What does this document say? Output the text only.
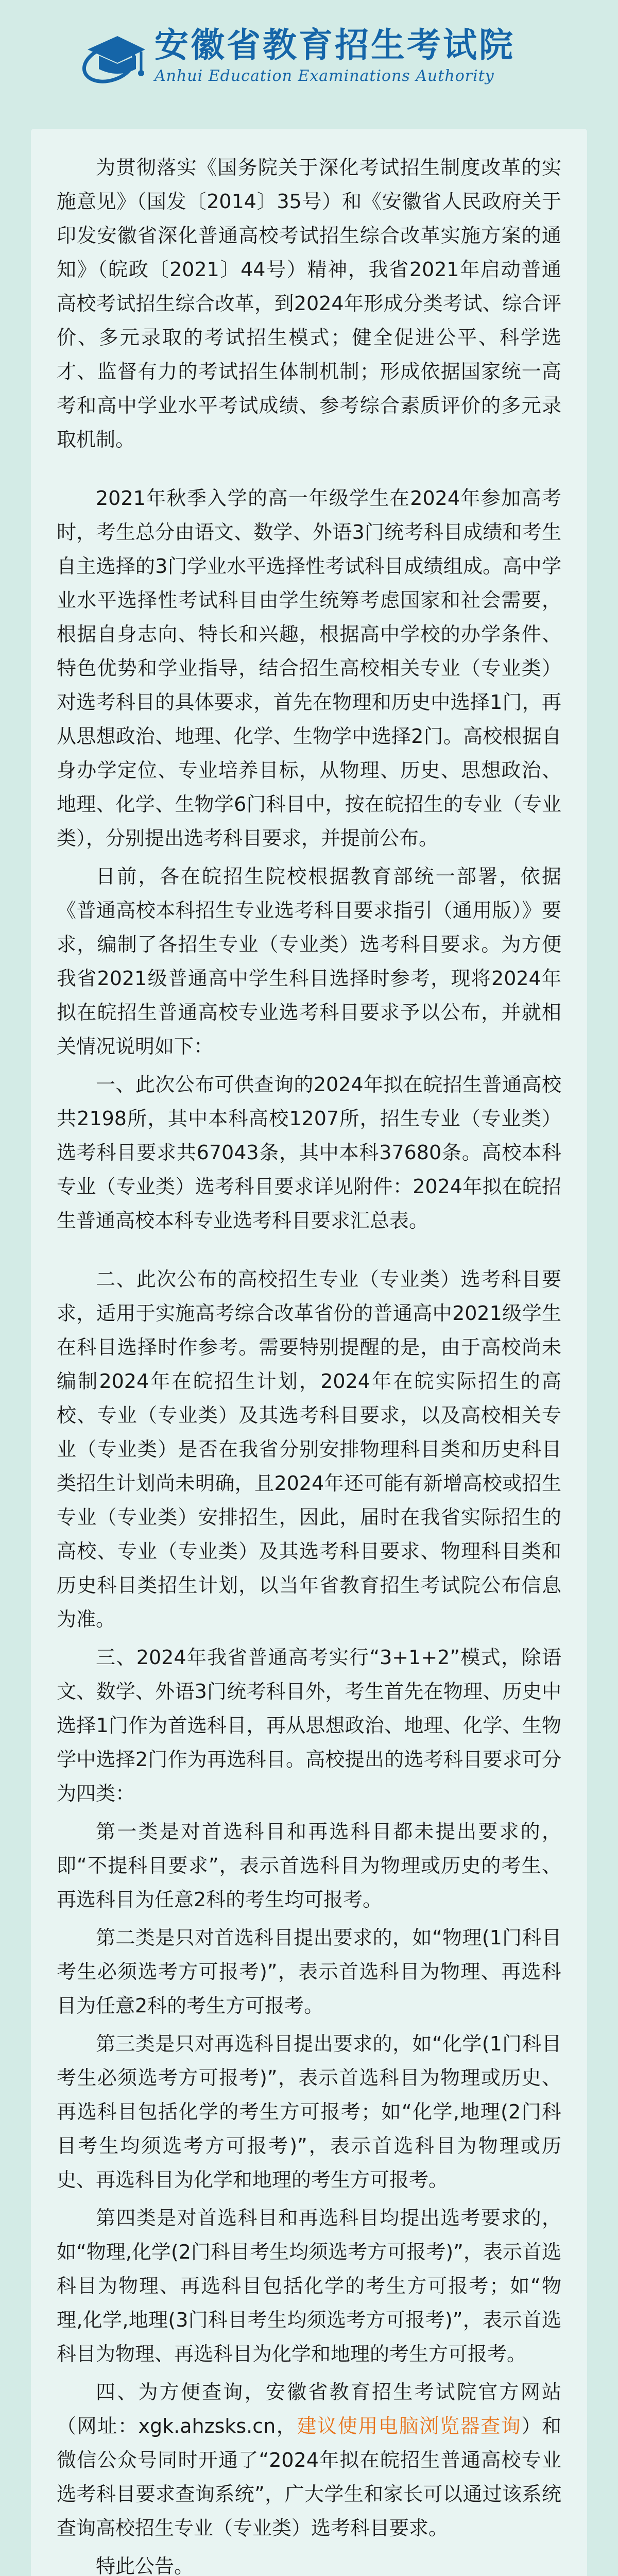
安徽省教育招生考试院
Anhui Education Examinations Authority

为贯彻落实《国务院关于深化考试招生制度改革的实施意见》（国发〔2014〕35号）和《安徽省人民政府关于印发安徽省深化普通高校考试招生综合改革实施方案的通知》（皖政〔2021〕44号）精神，我省2021年启动普通高校考试招生综合改革，到2024年形成分类考试、综合评价、多元录取的考试招生模式；健全促进公平、科学选才、监督有力的考试招生体制机制；形成依据国家统一高考和高中学业水平考试成绩、参考综合素质评价的多元录取机制。

2021年秋季入学的高一年级学生在2024年参加高考时，考生总分由语文、数学、外语3门统考科目成绩和考生自主选择的3门学业水平选择性考试科目成绩组成。高中学业水平选择性考试科目由学生统筹考虑国家和社会需要，根据自身志向、特长和兴趣，根据高中学校的办学条件、特色优势和学业指导，结合招生高校相关专业（专业类）对选考科目的具体要求，首先在物理和历史中选择1门，再从思想政治、地理、化学、生物学中选择2门。高校根据自身办学定位、专业培养目标，从物理、历史、思想政治、地理、化学、生物学6门科目中，按在皖招生的专业（专业类），分别提出选考科目要求，并提前公布。

日前，各在皖招生院校根据教育部统一部署，依据《普通高校本科招生专业选考科目要求指引（通用版）》要求，编制了各招生专业（专业类）选考科目要求。为方便我省2021级普通高中学生科目选择时参考，现将2024年拟在皖招生普通高校专业选考科目要求予以公布，并就相关情况说明如下：

一、此次公布可供查询的2024年拟在皖招生普通高校共2198所，其中本科高校1207所，招生专业（专业类）选考科目要求共67043条，其中本科37680条。高校本科专业（专业类）选考科目要求详见附件：2024年拟在皖招生普通高校本科专业选考科目要求汇总表。

二、此次公布的高校招生专业（专业类）选考科目要求，适用于实施高考综合改革省份的普通高中2021级学生在科目选择时作参考。需要特别提醒的是，由于高校尚未编制2024年在皖招生计划，2024年在皖实际招生的高校、专业（专业类）及其选考科目要求，以及高校相关专业（专业类）是否在我省分别安排物理科目类和历史科目类招生计划尚未明确，且2024年还可能有新增高校或招生专业（专业类）安排招生，因此，届时在我省实际招生的高校、专业（专业类）及其选考科目要求、物理科目类和历史科目类招生计划，以当年省教育招生考试院公布信息为准。

三、2024年我省普通高考实行“3+1+2”模式，除语文、数学、外语3门统考科目外，考生首先在物理、历史中选择1门作为首选科目，再从思想政治、地理、化学、生物学中选择2门作为再选科目。高校提出的选考科目要求可分为四类：

第一类是对首选科目和再选科目都未提出要求的，即“不提科目要求”，表示首选科目为物理或历史的考生、再选科目为任意2科的考生均可报考。

第二类是只对首选科目提出要求的，如“物理(1门科目考生必须选考方可报考)”，表示首选科目为物理、再选科目为任意2科的考生方可报考。

第三类是只对再选科目提出要求的，如“化学(1门科目考生必须选考方可报考)”，表示首选科目为物理或历史、再选科目包括化学的考生方可报考；如“化学,地理(2门科目考生均须选考方可报考)”，表示首选科目为物理或历史、再选科目为化学和地理的考生方可报考。

第四类是对首选科目和再选科目均提出选考要求的，如“物理,化学(2门科目考生均须选考方可报考)”，表示首选科目为物理、再选科目包括化学的考生方可报考；如“物理,化学,地理(3门科目考生均须选考方可报考)”，表示首选科目为物理、再选科目为化学和地理的考生方可报考。

四、为方便查询，安徽省教育招生考试院官方网站（网址：xgk.ahzsks.cn，建议使用电脑浏览器查询）和微信公众号同时开通了“2024年拟在皖招生普通高校专业选考科目要求查询系统”，广大学生和家长可以通过该系统查询高校招生专业（专业类）选考科目要求。

特此公告。
